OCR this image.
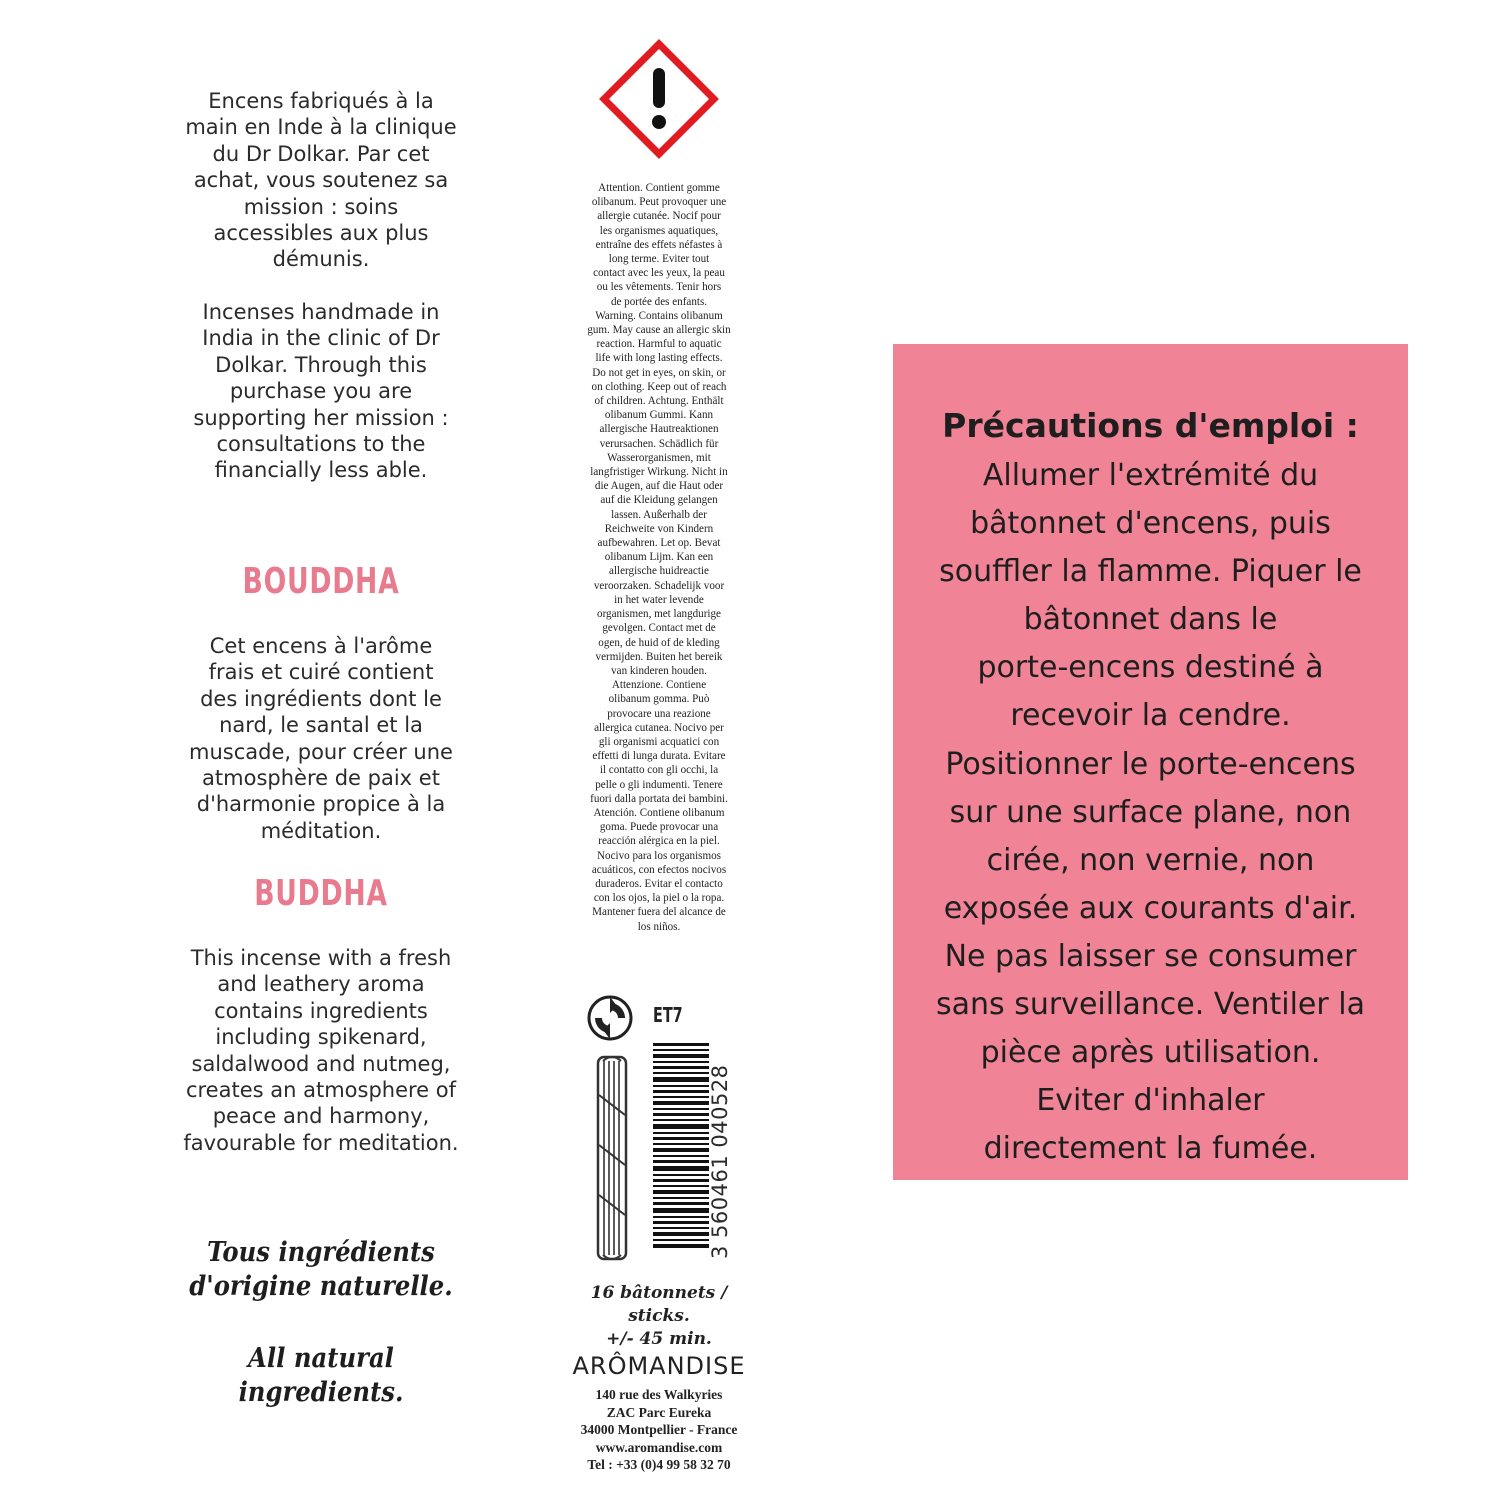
Encens fabriqués à la
main en Inde à la clinique
du Dr Dolkar. Par cet
achat, vous soutenez sa
mission : soins
accessibles aux plus
démunis.
Incenses handmade in
India in the clinic of Dr
Dolkar. Through this
purchase you are
supporting her mission :
consultations to the
financially less able.
BOUDDHA
Cet encens à l'arôme
frais et cuiré contient
des ingrédients dont le
nard, le santal et la
muscade, pour créer une
atmosphère de paix et
d'harmonie propice à la
méditation.
BUDDHA
This incense with a fresh
and leathery aroma
contains ingredients
including spikenard,
saldalwood and nutmeg,
creates an atmosphere of
peace and harmony,
favourable for meditation.
Tous ingrédients
d'origine naturelle.
All natural
ingredients.
Attention. Contient gomme
olibanum. Peut provoquer une
allergie cutanée. Nocif pour
les organismes aquatiques,
entraîne des effets néfastes à
long terme. Eviter tout
contact avec les yeux, la peau
ou les vêtements. Tenir hors
de portée des enfants.
Warning. Contains olibanum
gum. May cause an allergic skin
reaction. Harmful to aquatic
life with long lasting effects.
Do not get in eyes, on skin, or
on clothing. Keep out of reach
of children. Achtung. Enthält
olibanum Gummi. Kann
allergische Hautreaktionen
verursachen. Schädlich für
Wasserorganismen, mit
langfristiger Wirkung. Nicht in
die Augen, auf die Haut oder
auf die Kleidung gelangen
lassen. Außerhalb der
Reichweite von Kindern
aufbewahren. Let op. Bevat
olibanum Lijm. Kan een
allergische huidreactie
veroorzaken. Schadelijk voor
in het water levende
organismen, met langdurige
gevolgen. Contact met de
ogen, de huid of de kleding
vermijden. Buiten het bereik
van kinderen houden.
Attenzione. Contiene
olibanum gomma. Può
provocare una reazione
allergica cutanea. Nocivo per
gli organismi acquatici con
effetti di lunga durata. Evitare
il contatto con gli occhi, la
pelle o gli indumenti. Tenere
fuori dalla portata dei bambini.
Atención. Contiene olibanum
goma. Puede provocar una
reacción alérgica en la piel.
Nocivo para los organismos
acuáticos, con efectos nocivos
duraderos. Evitar el contacto
con los ojos, la piel o la ropa.
Mantener fuera del alcance de
los niños.
ET7
3 560461 040528
16 bâtonnets / sticks.
+/- 45 min.
ARÔMANDISE
140 rue des Walkyries
ZAC Parc Eureka
34000 Montpellier - France
www.aromandise.com
Tel : +33 (0)4 99 58 32 70
Précautions d'emploi :
Allumer l'extrémité du
bâtonnet d'encens, puis
souffler la flamme. Piquer le
bâtonnet dans le
porte-encens destiné à
recevoir la cendre.
Positionner le porte-encens
sur une surface plane, non
cirée, non vernie, non
exposée aux courants d'air.
Ne pas laisser se consumer
sans surveillance. Ventiler la
pièce après utilisation.
Eviter d'inhaler
directement la fumée.
